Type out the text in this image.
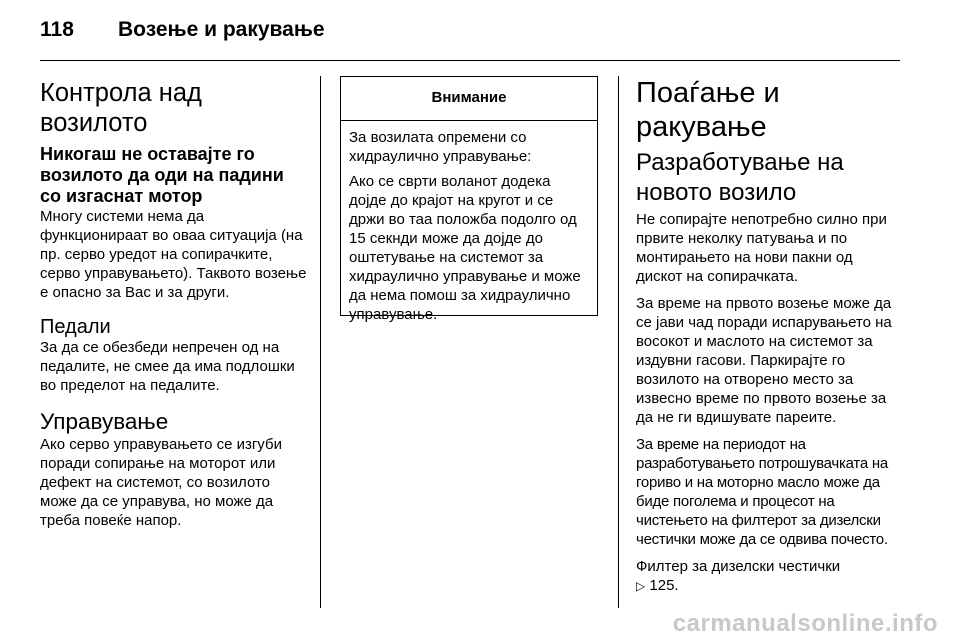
118 Возење и ракување
Контрола над возилото
Никогаш не оставајте го возилото да оди на падини со изгаснат мотор

Многу системи нема да функционираат во оваа ситуација (на пр. серво уредот на сопирачките, серво управувањето). Таквото возење е опасно за Вас и за други.

Педали

За да се обезбеди непречен од на педалите, не смее да има подлошки во пределот на педалите.

Управување

Ако серво управувањето се изгуби поради сопирање на моторот или дефект на системот, со возилото може да се управува, но може да треба повеќе напор.

Внимание

За возилата опремени со хидраулично управување:

Ако се сврти воланот додека дојде до крајот на кругот и се држи во таа положба подолго од 15 секнди може да дојде до оштетување на системот за хидраулично управување и може да нема помош за хидраулично управување.

Поаѓање и ракување
Разработување на новото возило

Не сопирајте непотребно силно при првите неколку патувања и по монтирањето на нови пакни од дискот на сопирачката.

За време на првото возење може да се јави чад поради испарувањето на восокот и маслото на системот за издувни гасови. Паркирајте го возилото на отворено место за извесно време по првото возење за да не ги вдишувате пареите.

За време на периодот на разработувањето потрошувачката на гориво и на моторно масло може да биде поголема и процесот на чистењето на филтерот за дизелски честички може да се одвива почесто.

Филтер за дизелски честички
▷ 125.
carmanualsonline.info
